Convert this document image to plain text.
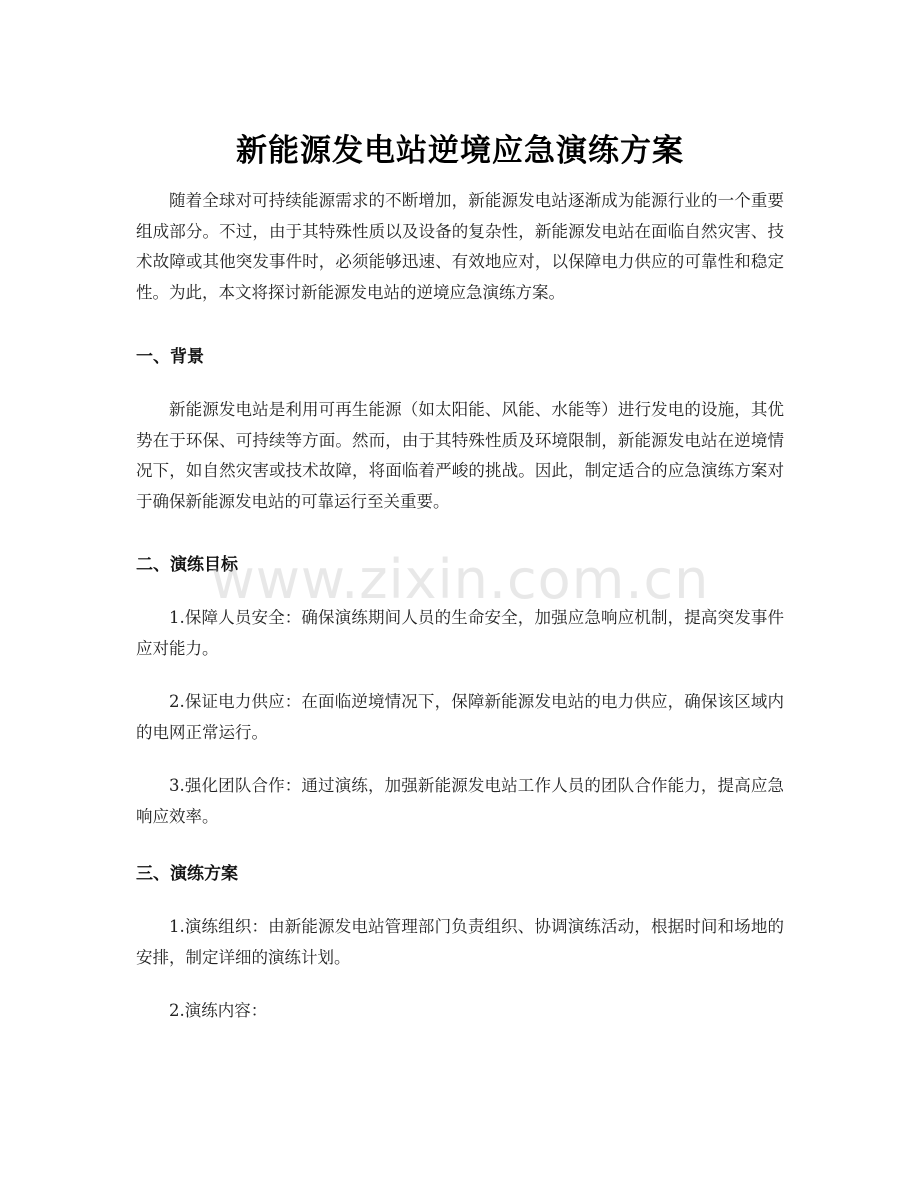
新能源发电站逆境应急演练方案

随着全球对可持续能源需求的不断增加，新能源发电站逐渐成为能源行业的一个重要组成部分。不过，由于其特殊性质以及设备的复杂性，新能源发电站在面临自然灾害、技术故障或其他突发事件时，必须能够迅速、有效地应对，以保障电力供应的可靠性和稳定性。为此，本文将探讨新能源发电站的逆境应急演练方案。

一、背景

新能源发电站是利用可再生能源（如太阳能、风能、水能等）进行发电的设施，其优势在于环保、可持续等方面。然而，由于其特殊性质及环境限制，新能源发电站在逆境情况下，如自然灾害或技术故障，将面临着严峻的挑战。因此，制定适合的应急演练方案对于确保新能源发电站的可靠运行至关重要。

二、演练目标

1.保障人员安全：确保演练期间人员的生命安全，加强应急响应机制，提高突发事件应对能力。

2.保证电力供应：在面临逆境情况下，保障新能源发电站的电力供应，确保该区域内的电网正常运行。

3.强化团队合作：通过演练，加强新能源发电站工作人员的团队合作能力，提高应急响应效率。

三、演练方案

1.演练组织：由新能源发电站管理部门负责组织、协调演练活动，根据时间和场地的安排，制定详细的演练计划。

2.演练内容：

www.zixin.com.cn
